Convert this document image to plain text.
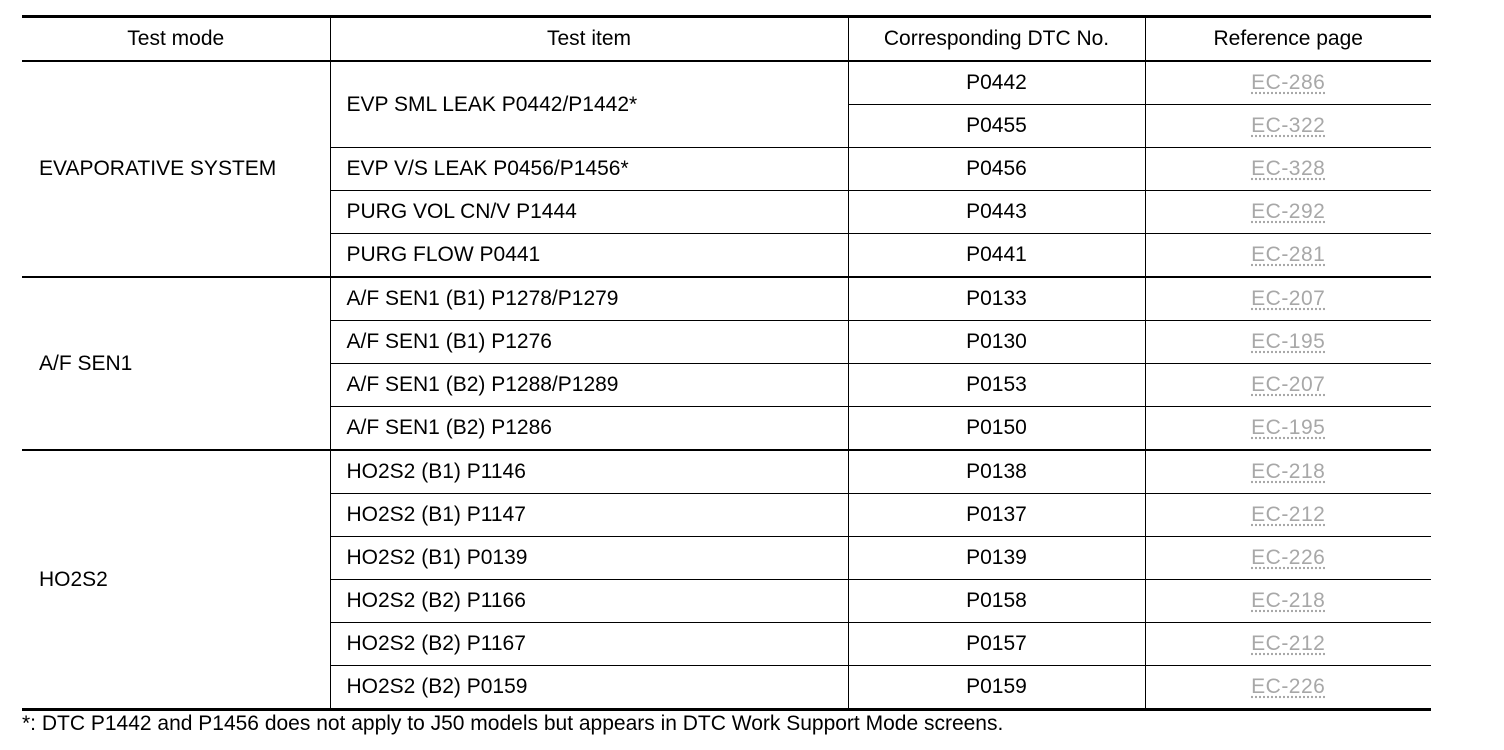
Test mode	Test item	Corresponding DTC No.	Reference page
EVAPORATIVE SYSTEM	EVP SML LEAK P0442/P1442*	P0442	EC-286
		P0455	EC-322
	EVP V/S LEAK P0456/P1456*	P0456	EC-328
	PURG VOL CN/V P1444	P0443	EC-292
	PURG FLOW P0441	P0441	EC-281
A/F SEN1	A/F SEN1 (B1) P1278/P1279	P0133	EC-207
	A/F SEN1 (B1) P1276	P0130	EC-195
	A/F SEN1 (B2) P1288/P1289	P0153	EC-207
	A/F SEN1 (B2) P1286	P0150	EC-195
HO2S2	HO2S2 (B1) P1146	P0138	EC-218
	HO2S2 (B1) P1147	P0137	EC-212
	HO2S2 (B1) P0139	P0139	EC-226
	HO2S2 (B2) P1166	P0158	EC-218
	HO2S2 (B2) P1167	P0157	EC-212
	HO2S2 (B2) P0159	P0159	EC-226
*: DTC P1442 and P1456 does not apply to J50 models but appears in DTC Work Support Mode screens.
